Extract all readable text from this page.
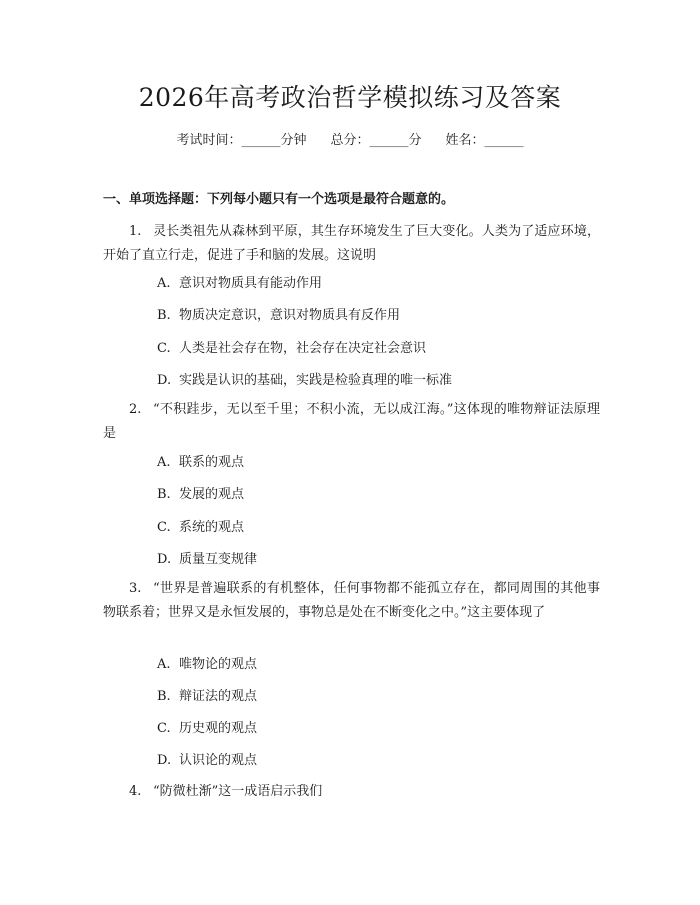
2026年高考政治哲学模拟练习及答案
考试时间：______分钟 总分：______分 姓名：______
一、单项选择题：下列每小题只有一个选项是最符合题意的。
1. 灵长类祖先从森林到平原，其生存环境发生了巨大变化。人类为了适应环境，开始了直立行走，促进了手和脑的发展。这说明
A. 意识对物质具有能动作用
B. 物质决定意识，意识对物质具有反作用
C. 人类是社会存在物，社会存在决定社会意识
D. 实践是认识的基础，实践是检验真理的唯一标准
2. “不积跬步，无以至千里；不积小流，无以成江海。”这体现的唯物辩证法原理是
A. 联系的观点
B. 发展的观点
C. 系统的观点
D. 质量互变规律
3. “世界是普遍联系的有机整体，任何事物都不能孤立存在，都同周围的其他事物联系着；世界又是永恒发展的，事物总是处在不断变化之中。”这主要体现了
A. 唯物论的观点
B. 辩证法的观点
C. 历史观的观点
D. 认识论的观点
4. “防微杜渐”这一成语启示我们
